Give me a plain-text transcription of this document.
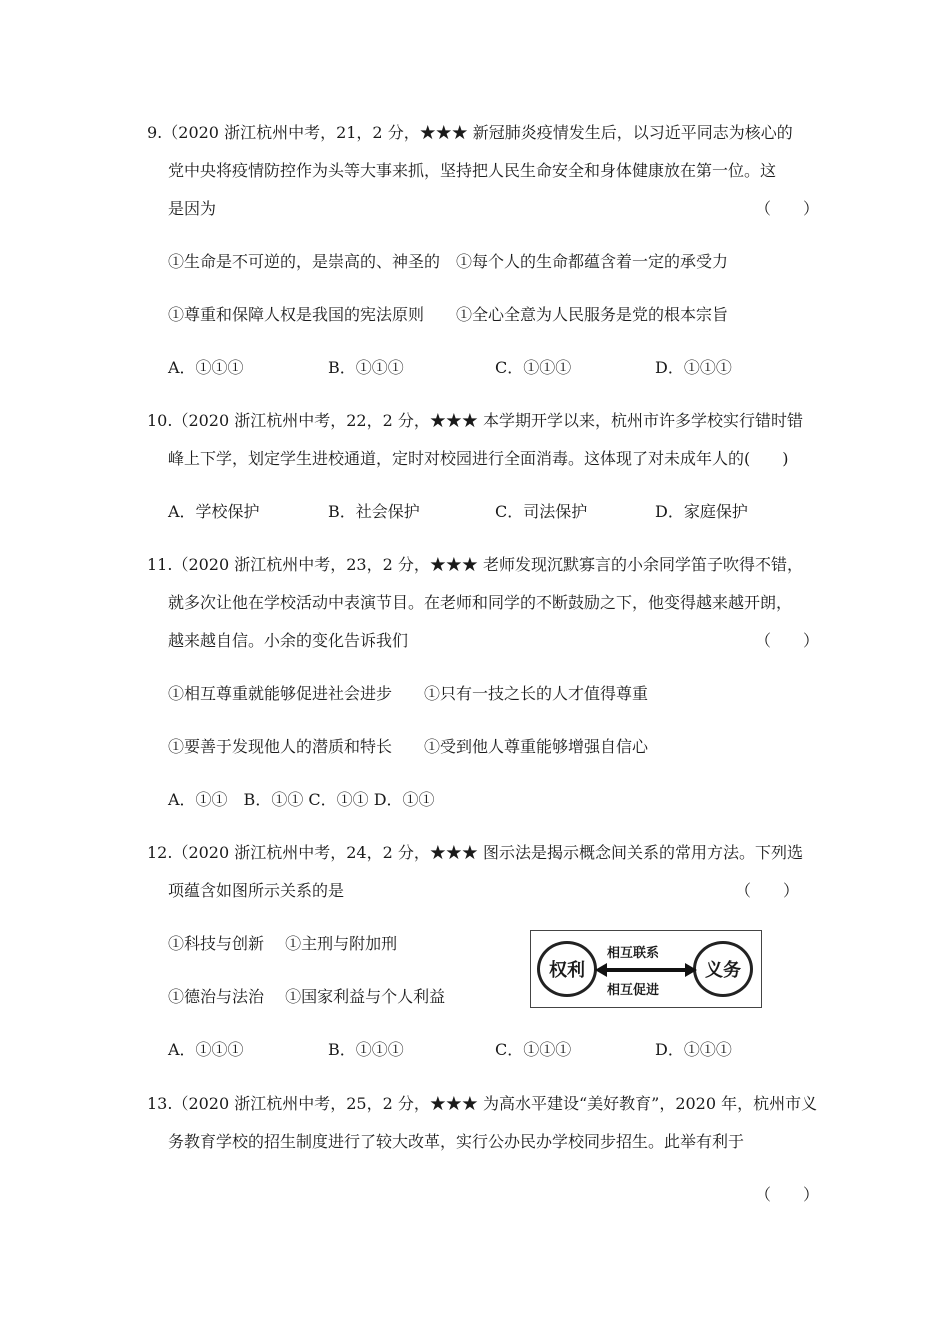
9.（2020 浙江杭州中考，21，2 分，★★★ 新冠肺炎疫情发生后，以习近平同志为核心的
党中央将疫情防控作为头等大事来抓，坚持把人民生命安全和身体健康放在第一位。这
是因为	（　　）
①生命是不可逆的，是崇高的、神圣的　①每个人的生命都蕴含着一定的承受力
①尊重和保障人权是我国的宪法原则　　①全心全意为人民服务是党的根本宗旨
A．①①①	B．①①①	C．①①①	D．①①①
10.（2020 浙江杭州中考，22，2 分，★★★ 本学期开学以来，杭州市许多学校实行错时错
峰上下学，划定学生进校通道，定时对校园进行全面消毒。这体现了对未成年人的(　　)
A．学校保护	B．社会保护	C．司法保护	D．家庭保护
11.（2020 浙江杭州中考，23，2 分，★★★ 老师发现沉默寡言的小余同学笛子吹得不错，
就多次让他在学校活动中表演节目。在老师和同学的不断鼓励之下，他变得越来越开朗，
越来越自信。小余的变化告诉我们	（　　）
①相互尊重就能够促进社会进步　　①只有一技之长的人才值得尊重
①要善于发现他人的潜质和特长　　①受到他人尊重能够增强自信心
A．①①　B．①① C．①① D．①①
12.（2020 浙江杭州中考，24，2 分，★★★ 图示法是揭示概念间关系的常用方法。下列选
项蕴含如图所示关系的是	（　　）
①科技与创新　 ①主刑与附加刑
①德治与法治　 ①国家利益与个人利益
权利	义务
相互联系
相互促进
A．①①①	B．①①①	C．①①①	D．①①①
13.（2020 浙江杭州中考，25，2 分，★★★ 为高水平建设“美好教育”，2020 年，杭州市义
务教育学校的招生制度进行了较大改革，实行公办民办学校同步招生。此举有利于
（　　）
